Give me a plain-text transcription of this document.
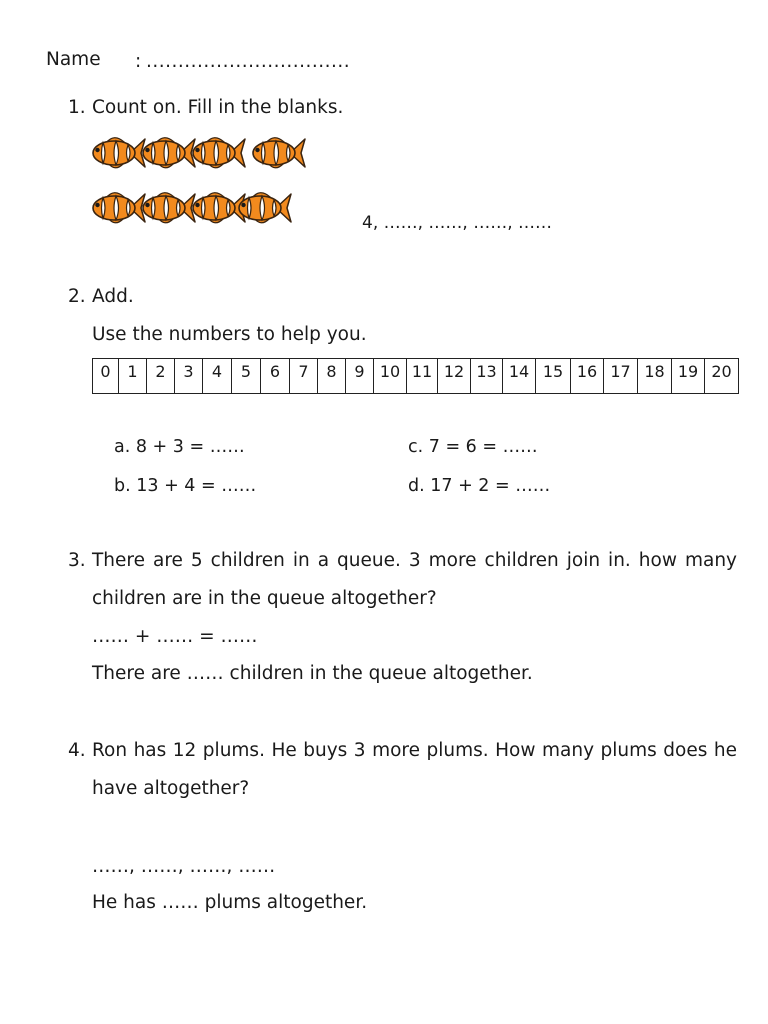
Name : ................................
1. Count on. Fill in the blanks.
4, ……, ……, ……, ……
2. Add.
Use the numbers to help you.
0	1	2	3	4	5	6	7	8	9	10	11	12	13	14	15	16	17	18	19	20
a. 8 + 3 = ……
b. 13 + 4 = ……
c. 7 = 6 = ……
d. 17 + 2 = ……
3. There are 5 children in a queue. 3 more children join in. how many children are in the queue altogether?
…… + …… = ……
There are …… children in the queue altogether.
4. Ron has 12 plums. He buys 3 more plums. How many plums does he have altogether?
……, ……, ……, ……
He has …… plums altogether.
